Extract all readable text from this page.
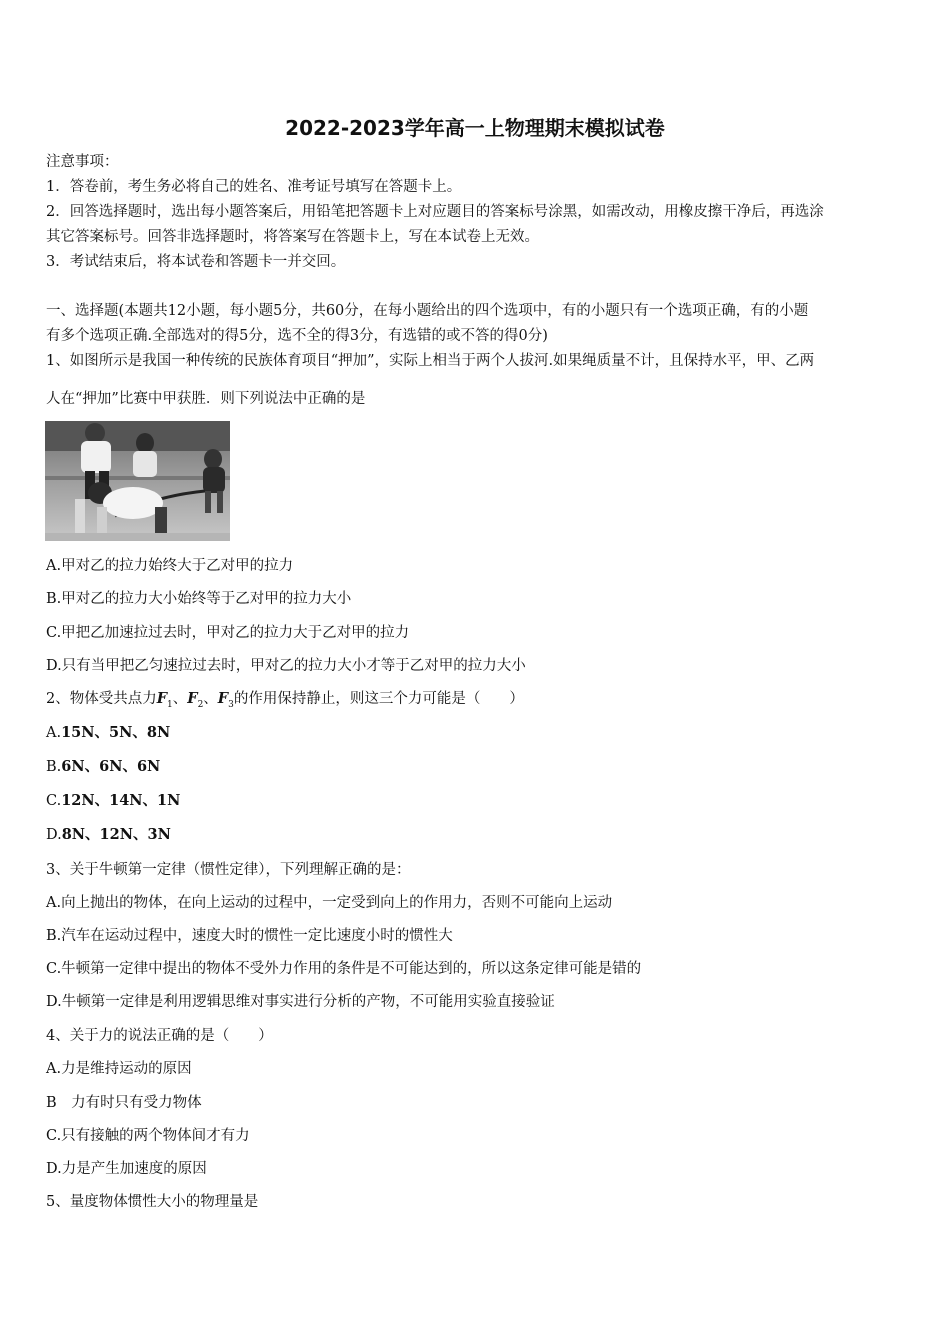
2022-2023学年高一上物理期末模拟试卷
注意事项：
1．答卷前，考生务必将自己的姓名、准考证号填写在答题卡上。
2．回答选择题时，选出每小题答案后，用铅笔把答题卡上对应题目的答案标号涂黑，如需改动，用橡皮擦干净后，再选涂
其它答案标号。回答非选择题时，将答案写在答题卡上，写在本试卷上无效。
3．考试结束后，将本试卷和答题卡一并交回。
一、选择题(本题共12小题，每小题5分，共60分，在每小题给出的四个选项中，有的小题只有一个选项正确，有的小题
有多个选项正确.全部选对的得5分，选不全的得3分，有选错的或不答的得0分)
1、如图所示是我国一种传统的民族体育项目“押加”，实际上相当于两个人拔河.如果绳质量不计，且保持水平，甲、乙两
人在“押加”比赛中甲获胜．则下列说法中正确的是
A.甲对乙的拉力始终大于乙对甲的拉力
B.甲对乙的拉力大小始终等于乙对甲的拉力大小
C.甲把乙加速拉过去时，甲对乙的拉力大于乙对甲的拉力
D.只有当甲把乙匀速拉过去时，甲对乙的拉力大小才等于乙对甲的拉力大小
2、物体受共点力$F_1$、$F_2$、$F_3$的作用保持静止，则这三个力可能是（　　）
A.15N、5N、8N
B.6N、6N、6N
C.12N、14N、1N
D.8N、12N、3N
3、关于牛顿第一定律（惯性定律），下列理解正确的是：
A.向上抛出的物体，在向上运动的过程中，一定受到向上的作用力，否则不可能向上运动
B.汽车在运动过程中，速度大时的惯性一定比速度小时的惯性大
C.牛顿第一定律中提出的物体不受外力作用的条件是不可能达到的，所以这条定律可能是错的
D.牛顿第一定律是利用逻辑思维对事实进行分析的产物，不可能用实验直接验证
4、关于力的说法正确的是（　　）
A.力是维持运动的原因
B　力有时只有受力物体
C.只有接触的两个物体间才有力
D.力是产生加速度的原因
5、量度物体惯性大小的物理量是
